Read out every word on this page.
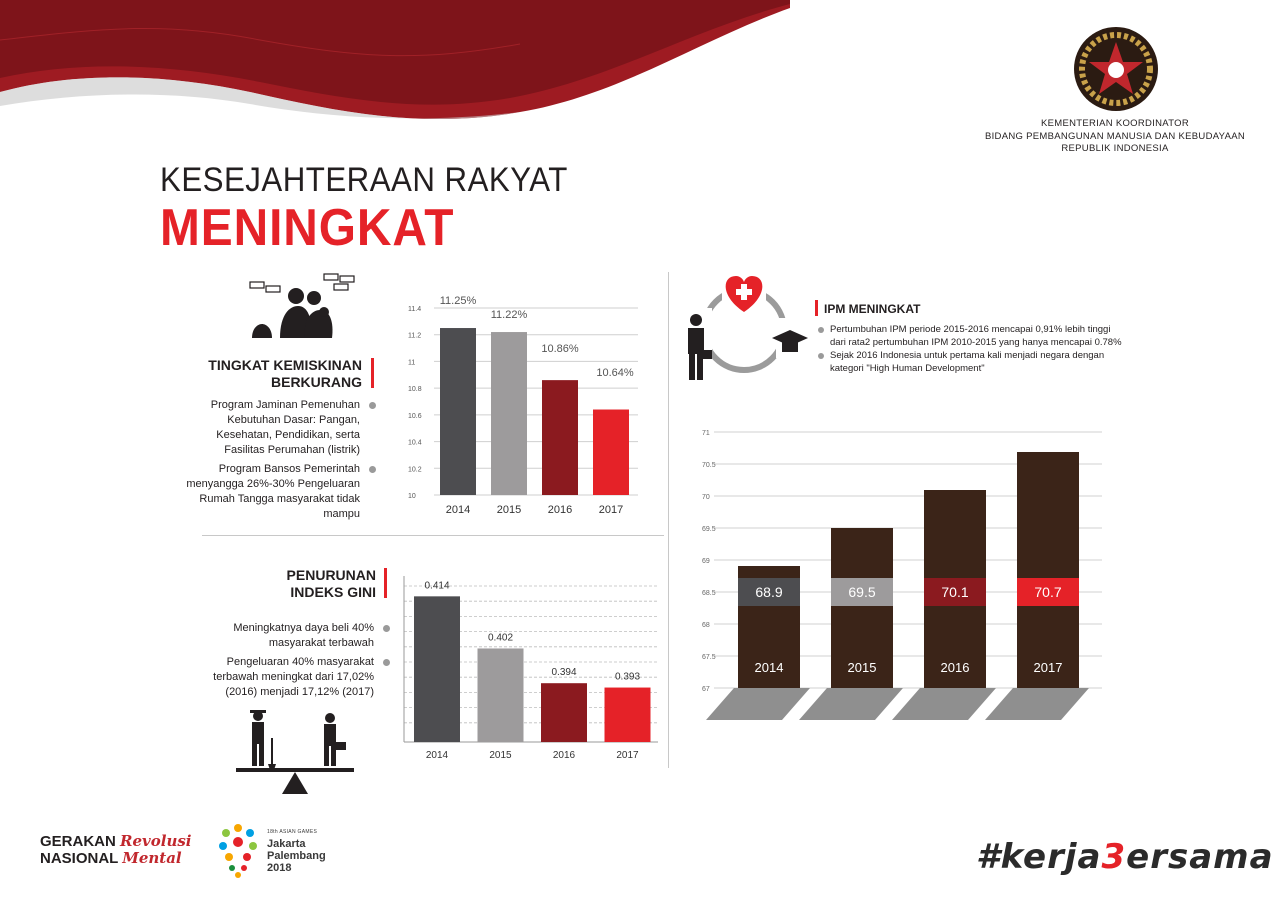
KEMENTERIAN KOORDINATOR
BIDANG PEMBANGUNAN MANUSIA DAN KEBUDAYAAN
REPUBLIK INDONESIA
KESEJAHTERAAN RAKYAT
MENINGKAT
TINGKAT KEMISKINAN
BERKURANG
Program Jaminan Pemenuhan Kebutuhan Dasar: Pangan, Kesehatan, Pendidikan, serta Fasilitas Perumahan (listrik)
Program Bansos Pemerintah menyangga 26%-30% Pengeluaran Rumah Tangga masyarakat tidak mampu
10
10.2
10.4
10.6
10.8
11
11.2
11.4
2014
11.25%
2015
11.22%
2016
10.86%
2017
10.64%
PENURUNAN
INDEKS GINI
Meningkatnya daya beli 40% masyarakat terbawah
Pengeluaran 40% masyarakat terbawah meningkat dari 17,02% (2016) menjadi 17,12% (2017)
2014
0.414
2015
0.402
2016
0.394
2017
0.393
IPM MENINGKAT
Pertumbuhan IPM periode 2015-2016 mencapai 0,91% lebih tinggi dari rata2 pertumbuhan IPM 2010-2015 yang hanya mencapai 0.78%
Sejak 2016 Indonesia untuk pertama kali menjadi negara dengan kategori "High Human Development"
67
67.5
68
68.5
69
69.5
70
70.5
71
68.9
2014
69.5
2015
70.1
2016
70.7
2017
GERAKAN Revolusi
NASIONAL Mental
18th ASIAN GAMES
Jakarta
Palembang
2018	#kerja3ersama
